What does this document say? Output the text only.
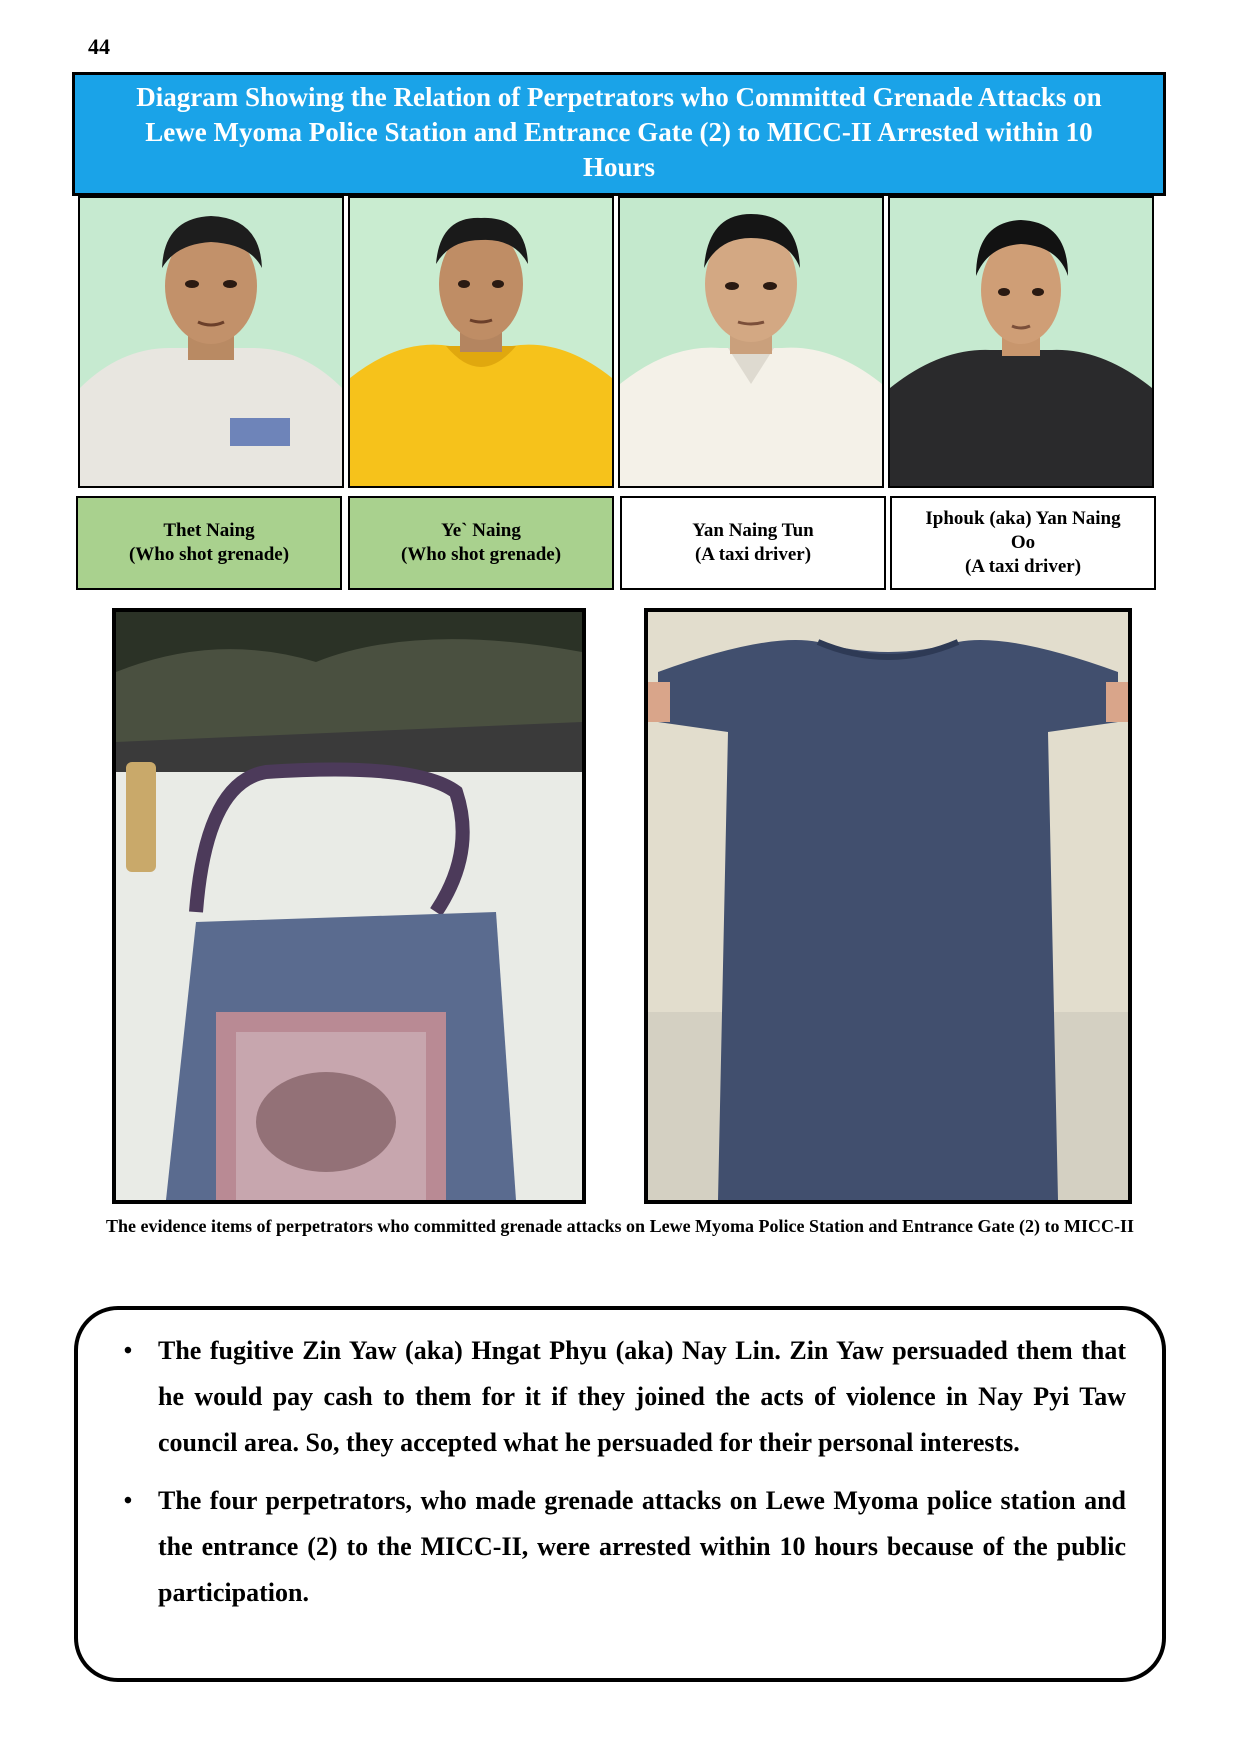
44
Diagram Showing the Relation of Perpetrators who Committed Grenade Attacks on Lewe Myoma Police Station and Entrance Gate (2) to MICC-II Arrested within 10 Hours
Thet Naing
(Who shot grenade)
Ye` Naing
(Who shot grenade)
Yan Naing Tun
(A taxi driver)
Iphouk (aka) Yan Naing Oo
(A taxi driver)
The evidence items of perpetrators who committed grenade attacks on Lewe Myoma Police Station and Entrance Gate (2) to MICC-II
• The fugitive Zin Yaw (aka) Hngat Phyu (aka) Nay Lin. Zin Yaw persuaded them that he would pay cash to them for it if they joined the acts of violence in Nay Pyi Taw council area. So, they accepted what he persuaded for their personal interests.
• The four perpetrators, who made grenade attacks on Lewe Myoma police station and the entrance (2) to the MICC-II, were arrested within 10 hours because of the public participation.
